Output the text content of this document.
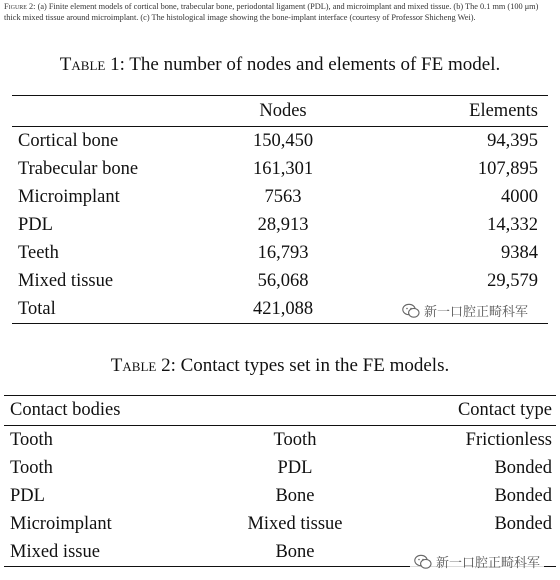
Figure 2: (a) Finite element models of cortical bone, trabecular bone, periodontal ligament (PDL), and microimplant and mixed tissue. (b) The 0.1 mm (100 μm) thick mixed tissue around microimplant. (c) The histological image showing the bone-implant interface (courtesy of Professor Shicheng Wei).
Table 1: The number of nodes and elements of FE model.
	Nodes	Elements
Cortical bone	150,450	94,395
Trabecular bone	161,301	107,895
Microimplant	7563	4000
PDL	28,913	14,332
Teeth	16,793	9384
Mixed tissue	56,068	29,579
Total	421,088		新一口腔正畸科军
Table 2: Contact types set in the FE models.
Contact bodies		Contact type
Tooth	Tooth	Frictionless
Tooth	PDL	Bonded
PDL	Bone	Bonded
Microimplant	Mixed tissue	Bonded
Mixed issue	Bone	
新一口腔正畸科军
